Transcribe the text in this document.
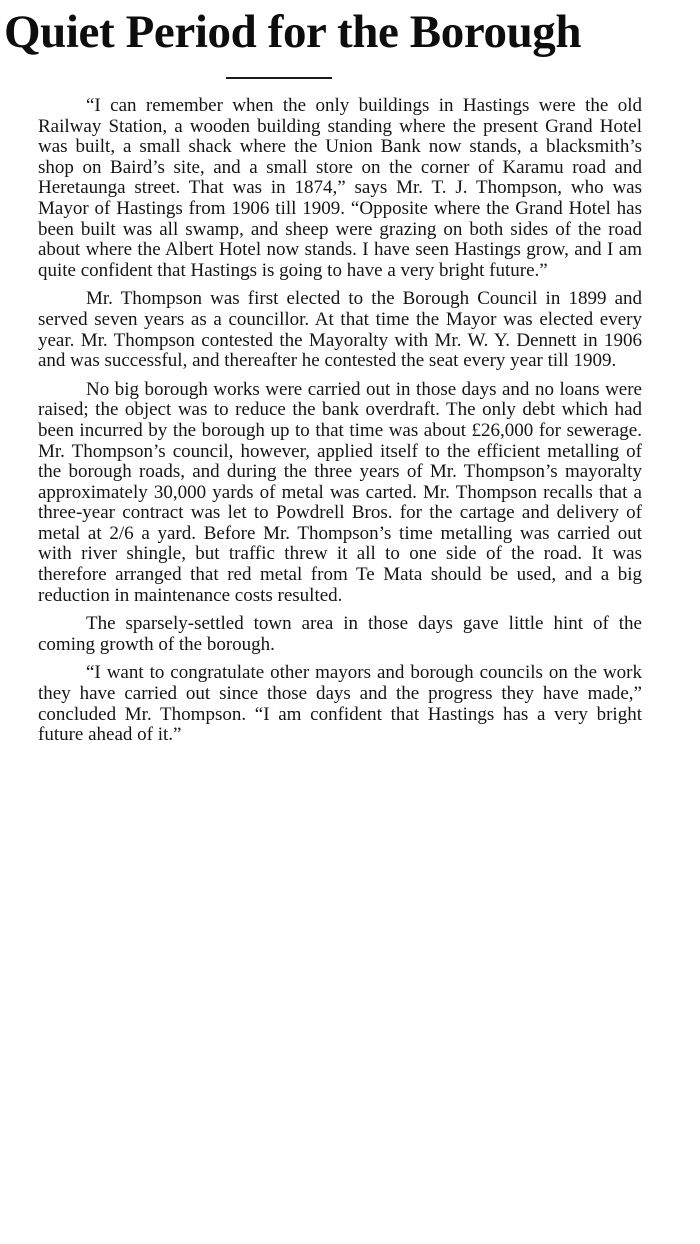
Quiet Period for the Borough

“I can remember when the only buildings in Hastings were the old Railway Station, a wooden building standing where the present Grand Hotel was built, a small shack where the Union Bank now stands, a blacksmith’s shop on Baird’s site, and a small store on the corner of Karamu road and Heretaunga street. That was in 1874,” says Mr. T. J. Thompson, who was Mayor of Hastings from 1906 till 1909. “Opposite where the Grand Hotel has been built was all swamp, and sheep were grazing on both sides of the road about where the Albert Hotel now stands. I have seen Hastings grow, and I am quite confident that Hastings is going to have a very bright future.”

Mr. Thompson was first elected to the Borough Council in 1899 and served seven years as a councillor. At that time the Mayor was elected every year. Mr. Thompson contested the Mayoralty with Mr. W. Y. Dennett in 1906 and was successful, and thereafter he contested the seat every year till 1909.

No big borough works were carried out in those days and no loans were raised; the object was to reduce the bank overdraft. The only debt which had been incurred by the borough up to that time was about £26,000 for sewerage. Mr. Thompson’s council, however, applied itself to the efficient metalling of the borough roads, and during the three years of Mr. Thompson’s mayoralty approximately 30,000 yards of metal was carted. Mr. Thompson recalls that a three-year contract was let to Powdrell Bros. for the cartage and delivery of metal at 2/6 a yard. Before Mr. Thompson’s time metalling was carried out with river shingle, but traffic threw it all to one side of the road. It was therefore arranged that red metal from Te Mata should be used, and a big reduction in maintenance costs resulted.

The sparsely-settled town area in those days gave little hint of the coming growth of the borough.

“I want to congratulate other mayors and borough councils on the work they have carried out since those days and the progress they have made,” concluded Mr. Thompson. “I am confident that Hastings has a very bright future ahead of it.”
